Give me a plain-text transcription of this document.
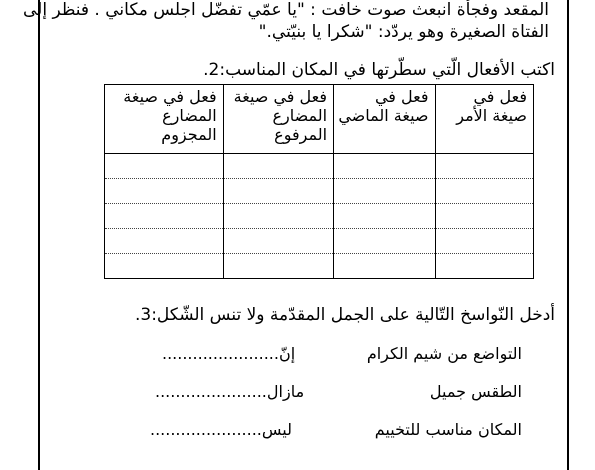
المقعد وفجأة انبعث صوت خافت : "يا عمّي تفضّل اجلس مكاني . فنظر إلى
الفتاة الصغيرة وهو يردّد: "شكرا يا بنيّتي."
اكتب الأفعال الّتي سطّرتها في المكان المناسب:2.
فعل في صيغة الأمر	فعل في صيغة الماضي	فعل في صيغة المضارع المرفوع	فعل في صيغة المضارع المجزوم

أدخل النّواسخ التّالية على الجمل المقدّمة ولا تنس الشّكل:3.
التواضع من شيم الكرام
إنّ.......................
الطقس جميل
مازال......................
المكان مناسب للتخييم
ليس......................
